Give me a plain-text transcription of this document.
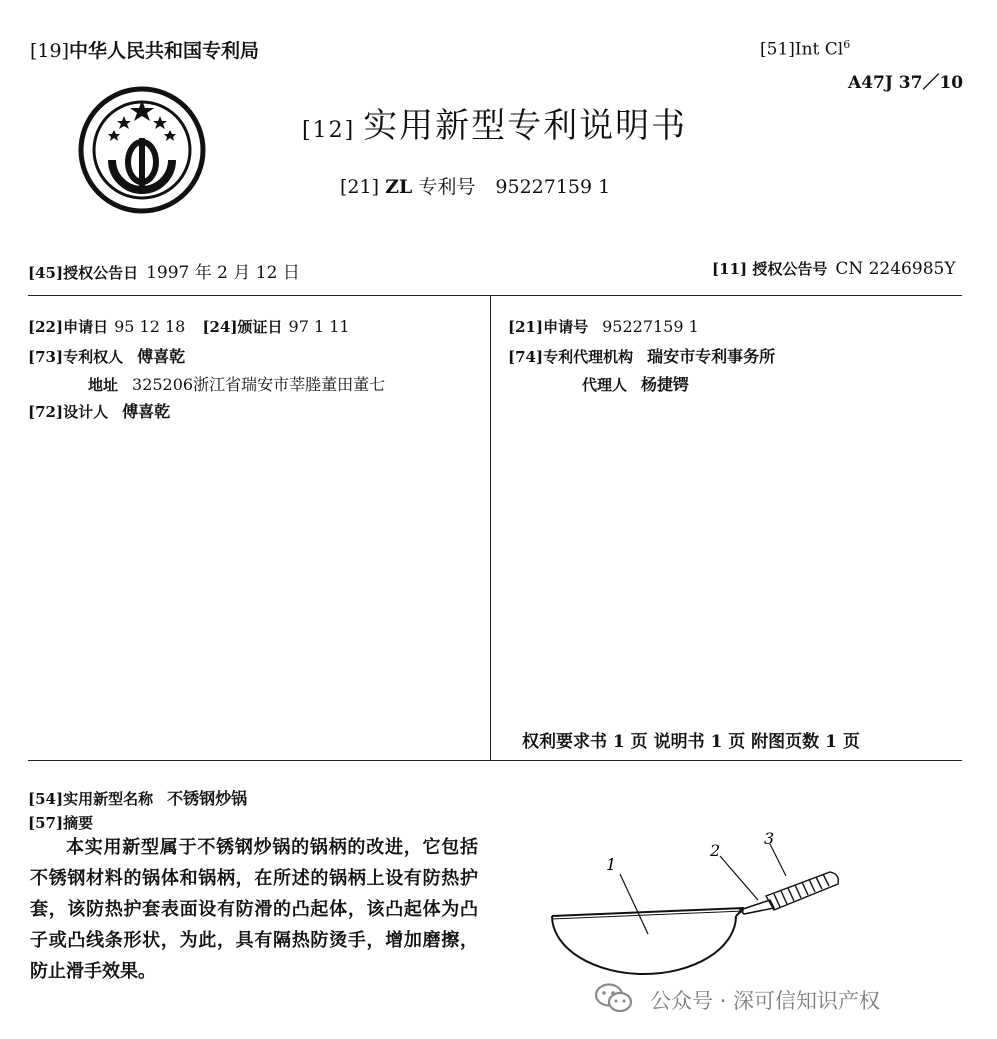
[19]中华人民共和国专利局	[51]Int Cl$^6$
A47J 37／10
[12] 实用新型专利说明书
[21] ZL 专利号 95227159 1
[45]授权公告日 1997 年 2 月 12 日	[11] 授权公告号 CN 2246985Y
[22]申请日 95 12 18 [24]颁证日 97 1 11
[73]专利权人 傅喜乾
地址 325206浙江省瑞安市莘塍董田董七
[72]设计人 傅喜乾
[21]申请号 95227159 1
[74]专利代理机构 瑞安市专利事务所
代理人 杨捷锷
权利要求书 1 页 说明书 1 页 附图页数 1 页
[54]实用新型名称 不锈钢炒锅
[57]摘要
本实用新型属于不锈钢炒锅的锅柄的改进，它包括不锈钢材料的锅体和锅柄，在所述的锅柄上设有防热护套，该防热护套表面设有防滑的凸起体，该凸起体为凸子或凸线条形状，为此，具有隔热防烫手，增加磨擦，防止滑手效果。
1
2
3
公众号 · 深可信知识产权
